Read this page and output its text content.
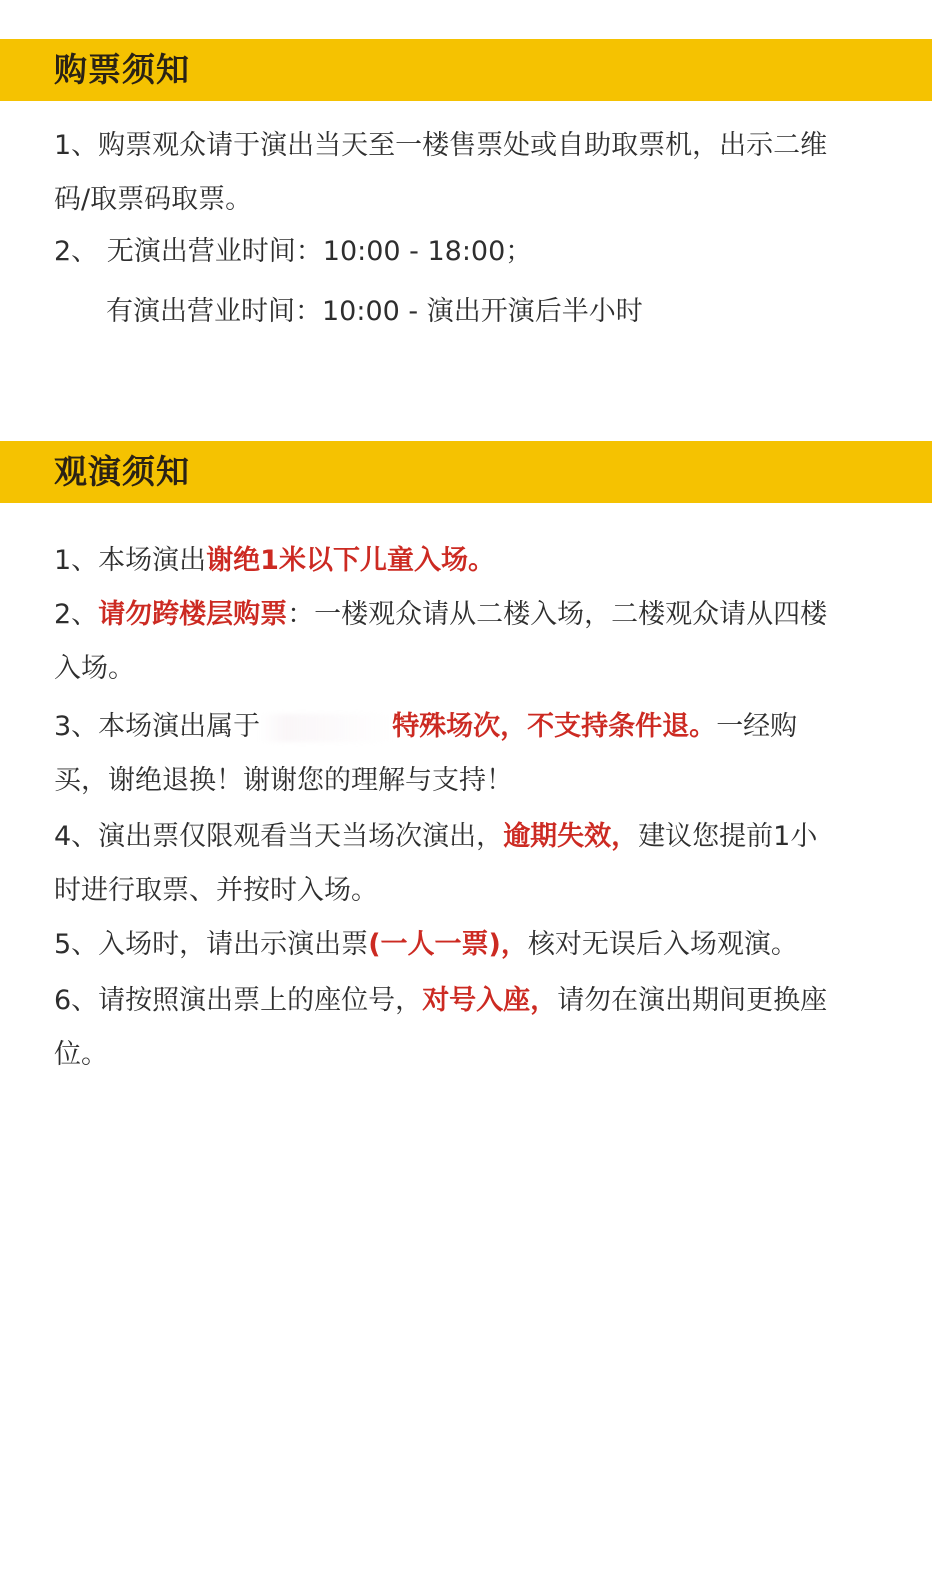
购票须知
1、购票观众请于演出当天至一楼售票处或自助取票机，出示二维
码/取票码取票。
2、 无演出营业时间：10:00 - 18:00；
有演出营业时间：10:00 - 演出开演后半小时
观演须知
1、本场演出谢绝1米以下儿童入场。
2、请勿跨楼层购票：一楼观众请从二楼入场，二楼观众请从四楼
入场。
3、本场演出属于	特殊场次，不支持条件退。一经购
买，谢绝退换！谢谢您的理解与支持！
4、演出票仅限观看当天当场次演出，逾期失效，建议您提前1小
时进行取票、并按时入场。
5、入场时，请出示演出票(一人一票)，核对无误后入场观演。
6、请按照演出票上的座位号，对号入座，请勿在演出期间更换座
位。
